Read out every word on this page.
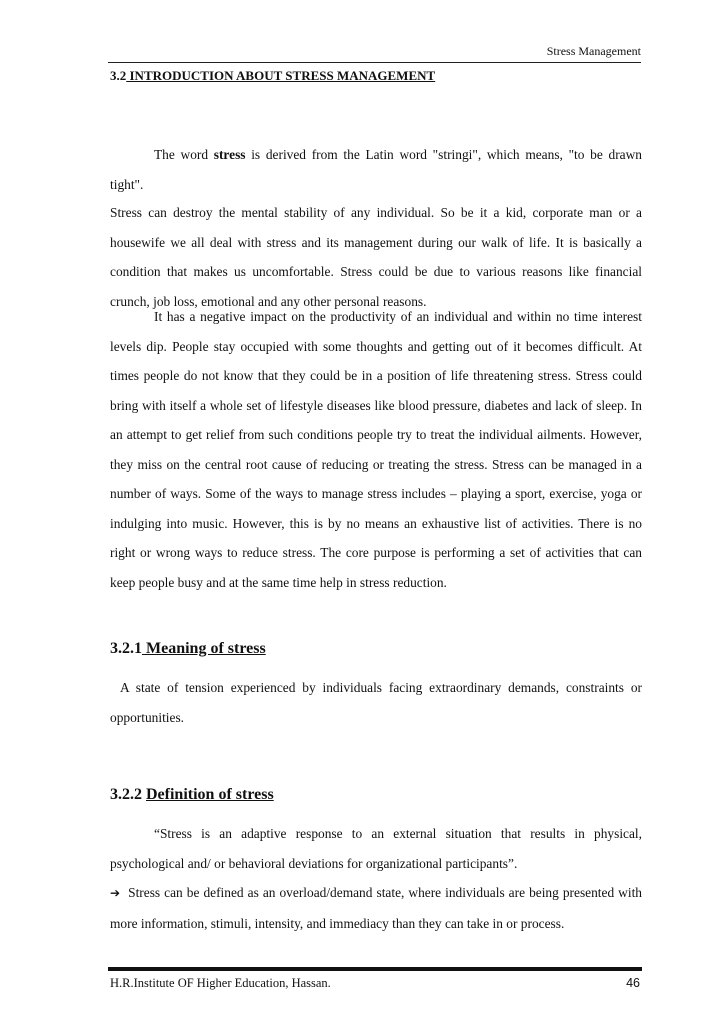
Stress Management
3.2 INTRODUCTION ABOUT STRESS MANAGEMENT

The word stress is derived from the Latin word "stringi", which means, "to be drawn tight".

Stress can destroy the mental stability of any individual. So be it a kid, corporate man or a housewife we all deal with stress and its management during our walk of life. It is basically a condition that makes us uncomfortable. Stress could be due to various reasons like financial crunch, job loss, emotional and any other personal reasons.

It has a negative impact on the productivity of an individual and within no time interest levels dip. People stay occupied with some thoughts and getting out of it becomes difficult. At times people do not know that they could be in a position of life threatening stress. Stress could bring with itself a whole set of lifestyle diseases like blood pressure, diabetes and lack of sleep. In an attempt to get relief from such conditions people try to treat the individual ailments. However, they miss on the central root cause of reducing or treating the stress. Stress can be managed in a number of ways. Some of the ways to manage stress includes – playing a sport, exercise, yoga or indulging into music. However, this is by no means an exhaustive list of activities. There is no right or wrong ways to reduce stress. The core purpose is performing a set of activities that can keep people busy and at the same time help in stress reduction.

3.2.1 Meaning of stress

A state of tension experienced by individuals facing extraordinary demands, constraints or opportunities.

3.2.2 Definition of stress

“Stress is an adaptive response to an external situation that results in physical, psychological and/ or behavioral deviations for organizational participants”.

➔ Stress can be defined as an overload/demand state, where individuals are being presented with more information, stimuli, intensity, and immediacy than they can take in or process.

H.R.Institute OF Higher Education, Hassan.	46
